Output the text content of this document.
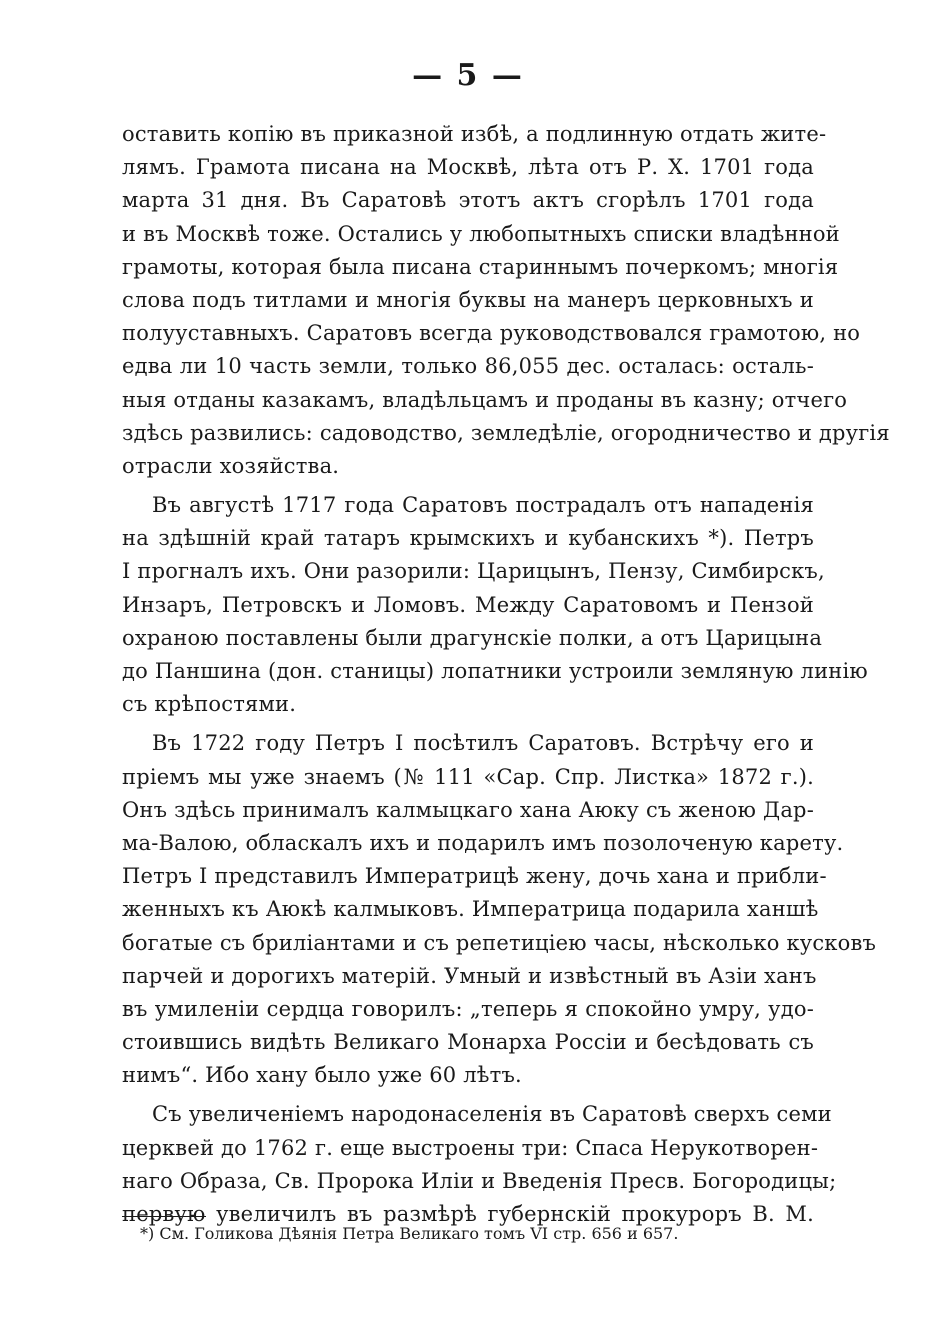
— 5 —
оставить копію въ приказной избѣ, а подлинную отдать жите-
лямъ. Грамота писана на Москвѣ, лѣта отъ Р. Х. 1701 года
марта 31 дня. Въ Саратовѣ этотъ актъ сгорѣлъ 1701 года
и въ Москвѣ тоже. Остались у любопытныхъ списки владѣнной
грамоты, которая была писана стариннымъ почеркомъ; многія
слова подъ титлами и многія буквы на манеръ церковныхъ и
полууставныхъ. Саратовъ всегда руководствовался грамотою, но
едва ли 10 часть земли, только 86,055 дес. осталась: осталь-
ныя отданы казакамъ, владѣльцамъ и проданы въ казну; отчего
здѣсь развились: садоводство, земледѣліе, огородничество и другія
отрасли хозяйства.
Въ августѣ 1717 года Саратовъ пострадалъ отъ нападенія
на здѣшній край татаръ крымскихъ и кубанскихъ *). Петръ
I прогналъ ихъ. Они разорили: Царицынъ, Пензу, Симбирскъ,
Инзаръ, Петровскъ и Ломовъ. Между Саратовомъ и Пензой
охраною поставлены были драгунскіе полки, а отъ Царицына
до Паншина (дон. станицы) лопатники устроили земляную линію
съ крѣпостями.
Въ 1722 году Петръ I посѣтилъ Саратовъ. Встрѣчу его и
пріемъ мы уже знаемъ (№ 111 «Сар. Спр. Листка» 1872 г.).
Онъ здѣсь принималъ калмыцкаго хана Аюку съ женою Дар-
ма-Валою, обласкалъ ихъ и подарилъ имъ позолоченую карету.
Петръ I представилъ Императрицѣ жену, дочь хана и прибли-
женныхъ къ Аюкѣ калмыковъ. Императрица подарила ханшѣ
богатые съ бриліантами и съ репетиціею часы, нѣсколько кусковъ
парчей и дорогихъ матерій. Умный и извѣстный въ Азіи ханъ
въ умиленіи сердца говорилъ: „теперь я спокойно умру, удо-
стоившись видѣть Великаго Монарха Россіи и бесѣдовать съ
нимъ“. Ибо хану было уже 60 лѣтъ.
Съ увеличеніемъ народонаселенія въ Саратовѣ сверхъ семи
церквей до 1762 г. еще выстроены три: Спаса Нерукотворен-
наго Образа, Св. Пророка Иліи и Введенія Пресв. Богородицы;
первую увеличилъ въ размѣрѣ губернскій прокуроръ В. М.
*) См. Голикова Дѣянія Петра Великаго томъ VI стр. 656 и 657.
